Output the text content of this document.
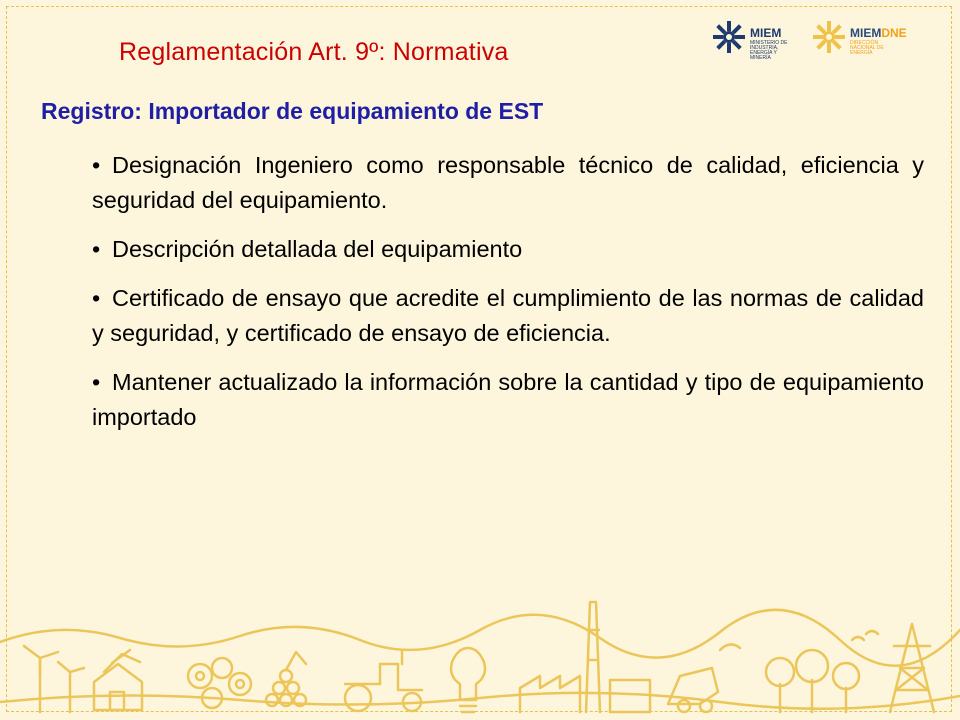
Reglamentación Art. 9º: Normativa
MIEM
MINISTERIO DE INDUSTRIA, ENERGÍA Y MINERÍA
MIEMDNE
DIRECCIÓN NACIONAL DE ENERGÍA
Registro: Importador de equipamiento de EST
• Designación Ingeniero como responsable técnico de calidad, eficiencia y seguridad del equipamiento.
• Descripción detallada del equipamiento
• Certificado de ensayo que acredite el cumplimiento de las normas de calidad y seguridad, y certificado de ensayo de eficiencia.
• Mantener actualizado la información sobre la cantidad y tipo de equipamiento importado
